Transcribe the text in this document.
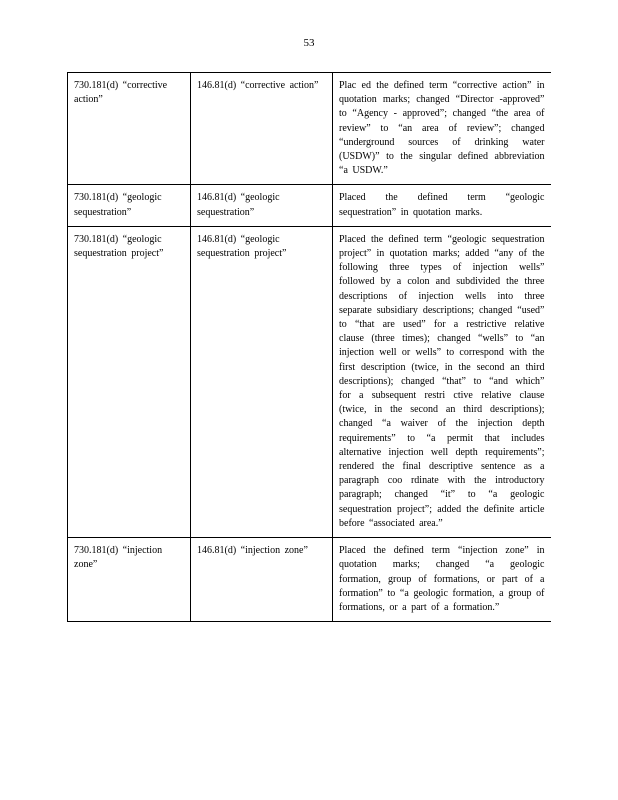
53
730.181(d) “corrective action”	146.81(d) “corrective action”	Plac ed the defined term “corrective action” in quotation marks; changed “Director -approved” to “Agency - approved”; changed “the area of review” to “an area of review”; changed “underground sources of drinking water (USDW)” to the singular defined abbreviation “a USDW.”
730.181(d) “geologic sequestration”	146.81(d) “geologic sequestration”	Placed the defined term “geologic sequestration” in quotation marks.
730.181(d) “geologic sequestration project”	146.81(d) “geologic sequestration project”	Placed the defined term “geologic sequestration project” in quotation marks; added “any of the following three types of injection wells” followed by a colon and subdivided the three descriptions of injection wells into three separate subsidiary descriptions; changed “used” to “that are used” for a restrictive relative clause (three times); changed “wells” to “an injection well or wells” to correspond with the first description (twice, in the second an third descriptions); changed “that” to “and which” for a subsequent restri ctive relative clause (twice, in the second an third descriptions); changed “a waiver of the injection depth requirements” to “a permit that includes alternative injection well depth requirements”; rendered the final descriptive sentence as a paragraph coo rdinate with the introductory paragraph; changed “it” to “a geologic sequestration project”; added the definite article before “associated area.”
730.181(d) “injection zone”	146.81(d) “injection zone”	Placed the defined term “injection zone” in quotation marks; changed “a geologic formation, group of formations, or part of a formation” to “a geologic formation, a group of formations, or a part of a formation.”
